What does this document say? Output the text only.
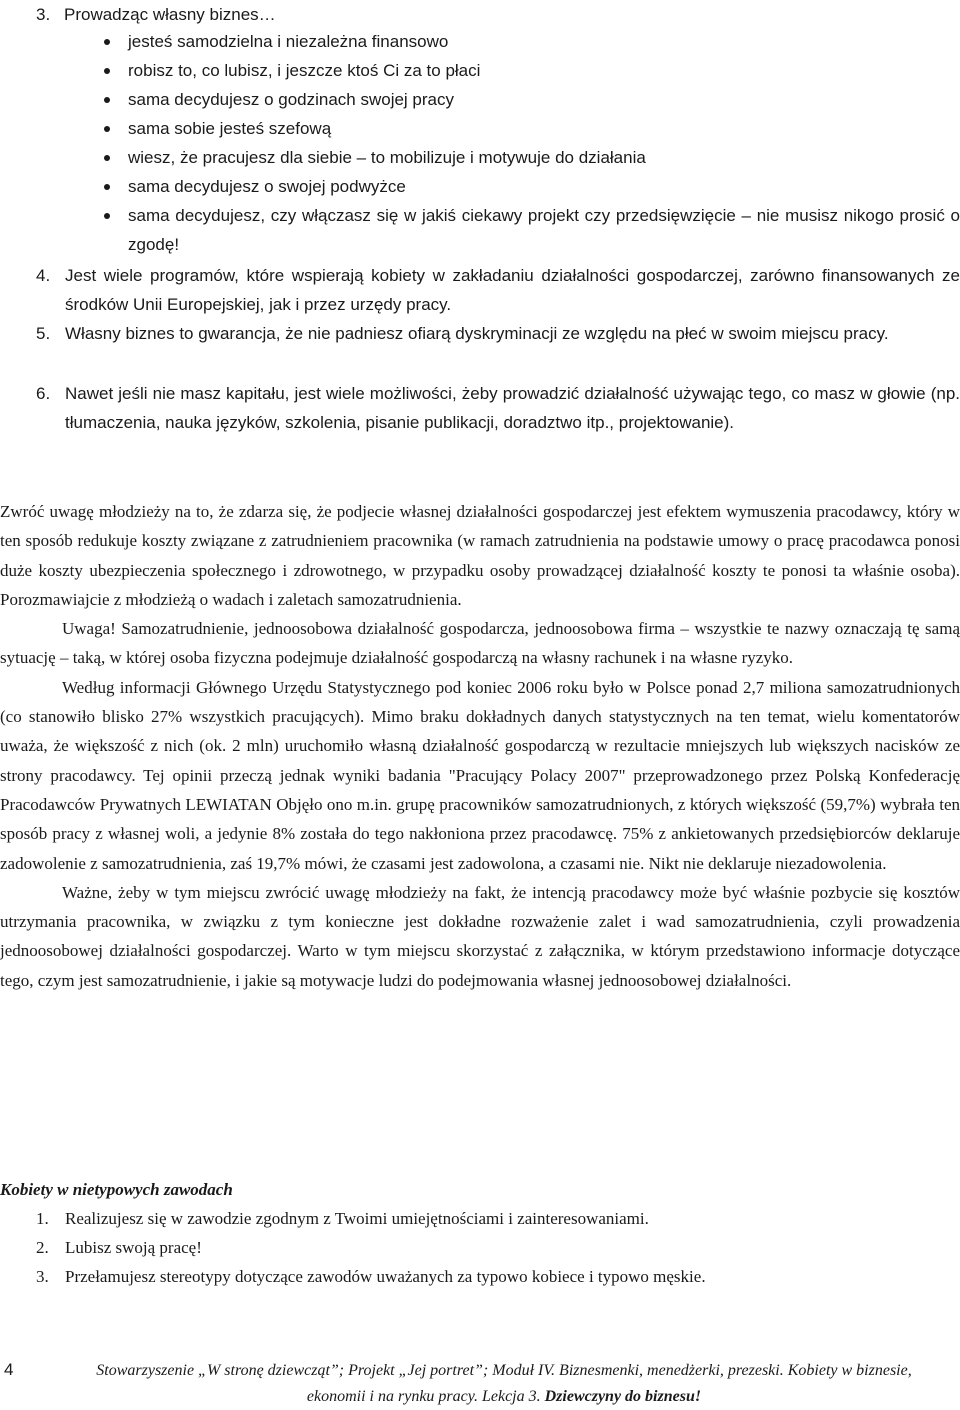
3. Prowadząc własny biznes…
jesteś samodzielna i niezależna finansowo
robisz to, co lubisz, i jeszcze ktoś Ci za to płaci
sama decydujesz o godzinach swojej pracy
sama sobie jesteś szefową
wiesz, że pracujesz dla siebie – to mobilizuje i motywuje do działania
sama decydujesz o swojej podwyżce
sama decydujesz, czy włączasz się w jakiś ciekawy projekt czy przedsięwzięcie – nie musisz nikogo prosić o zgodę!
4. Jest wiele programów, które wspierają kobiety w zakładaniu działalności gospodarczej, zarówno finansowanych ze środków Unii Europejskiej, jak i przez urzędy pracy.
5. Własny biznes to gwarancja, że nie padniesz ofiarą dyskryminacji ze względu na płeć w swoim miejscu pracy.
6. Nawet jeśli nie masz kapitału, jest wiele możliwości, żeby prowadzić działalność używając tego, co masz w głowie (np. tłumaczenia, nauka języków, szkolenia, pisanie publikacji, doradztwo itp., projektowanie).

Zwróć uwagę młodzieży na to, że zdarza się, że podjecie własnej działalności gospodarczej jest efektem wymuszenia pracodawcy, który w ten sposób redukuje koszty związane z zatrudnieniem pracownika (w ramach zatrudnienia na podstawie umowy o pracę pracodawca ponosi duże koszty ubezpieczenia społecznego i zdrowotnego, w przypadku osoby prowadzącej działalność koszty te ponosi ta właśnie osoba). Porozmawiajcie z młodzieżą o wadach i zaletach samozatrudnienia.

Uwaga! Samozatrudnienie, jednoosobowa działalność gospodarcza, jednoosobowa firma – wszystkie te nazwy oznaczają tę samą sytuację – taką, w której osoba fizyczna podejmuje działalność gospodarczą na własny rachunek i na własne ryzyko.

Według informacji Głównego Urzędu Statystycznego pod koniec 2006 roku było w Polsce ponad 2,7 miliona samozatrudnionych (co stanowiło blisko 27% wszystkich pracujących). Mimo braku dokładnych danych statystycznych na ten temat, wielu komentatorów uważa, że większość z nich (ok. 2 mln) uruchomiło własną działalność gospodarczą w rezultacie mniejszych lub większych nacisków ze strony pracodawcy. Tej opinii przeczą jednak wyniki badania "Pracujący Polacy 2007" przeprowadzonego przez Polską Konfederację Pracodawców Prywatnych LEWIATAN Objęło ono m.in. grupę pracowników samozatrudnionych, z których większość (59,7%) wybrała ten sposób pracy z własnej woli, a jedynie 8% została do tego nakłoniona przez pracodawcę. 75% z ankietowanych przedsiębiorców deklaruje zadowolenie z samozatrudnienia, zaś 19,7% mówi, że czasami jest zadowolona, a czasami nie. Nikt nie deklaruje niezadowolenia.

Ważne, żeby w tym miejscu zwrócić uwagę młodzieży na fakt, że intencją pracodawcy może być właśnie pozbycie się kosztów utrzymania pracownika, w związku z tym konieczne jest dokładne rozważenie zalet i wad samozatrudnienia, czyli prowadzenia jednoosobowej działalności gospodarczej. Warto w tym miejscu skorzystać z załącznika, w którym przedstawiono informacje dotyczące tego, czym jest samozatrudnienie, i jakie są motywacje ludzi do podejmowania własnej jednoosobowej działalności.

Kobiety w nietypowych zawodach
1. Realizujesz się w zawodzie zgodnym z Twoimi umiejętnościami i zainteresowaniami.
2. Lubisz swoją pracę!
3. Przełamujesz stereotypy dotyczące zawodów uważanych za typowo kobiece i typowo męskie.
4	Stowarzyszenie „W stronę dziewcząt”; Projekt „Jej portret”; Moduł IV. Biznesmenki, menedżerki, prezeski. Kobiety w biznesie, ekonomii i na rynku pracy. Lekcja 3. Dziewczyny do biznesu!
